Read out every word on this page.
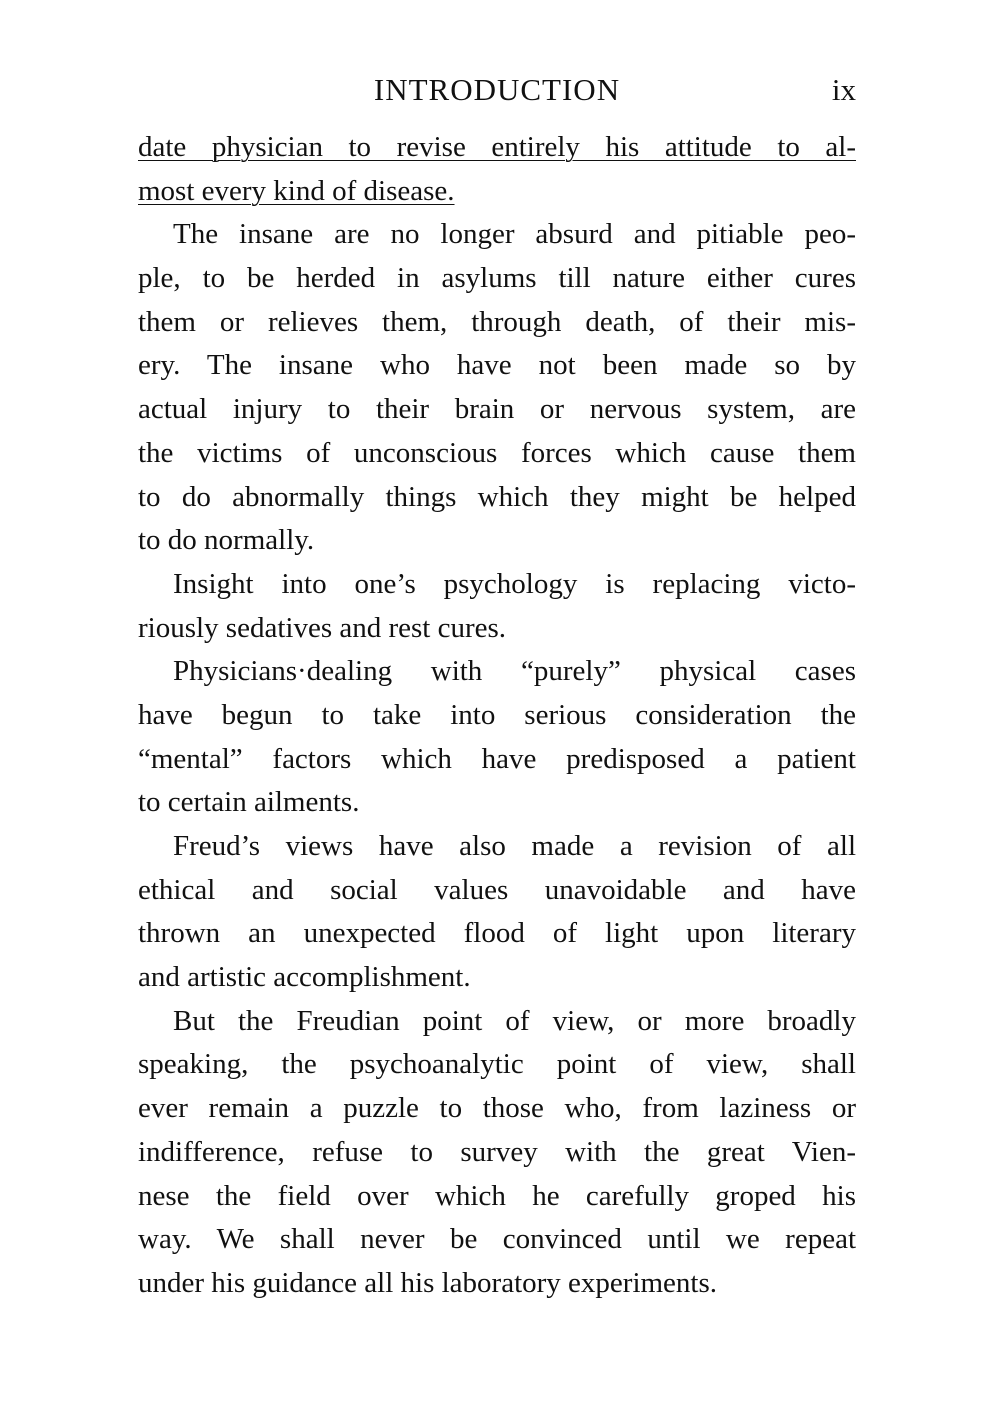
INTRODUCTION	ix
date physician to revise entirely his attitude to al-
most every kind of disease.
The insane are no longer absurd and pitiable peo-
ple, to be herded in asylums till nature either cures
them or relieves them, through death, of their mis-
ery. The insane who have not been made so by
actual injury to their brain or nervous system, are
the victims of unconscious forces which cause them
to do abnormally things which they might be helped
to do normally.
Insight into one’s psychology is replacing victo-
riously sedatives and rest cures.
Physicians·dealing with “purely” physical cases
have begun to take into serious consideration the
“mental” factors which have predisposed a patient
to certain ailments.
Freud’s views have also made a revision of all
ethical and social values unavoidable and have
thrown an unexpected flood of light upon literary
and artistic accomplishment.
But the Freudian point of view, or more broadly
speaking, the psychoanalytic point of view, shall
ever remain a puzzle to those who, from laziness or
indifference, refuse to survey with the great Vien-
nese the field over which he carefully groped his
way. We shall never be convinced until we repeat
under his guidance all his laboratory experiments.
